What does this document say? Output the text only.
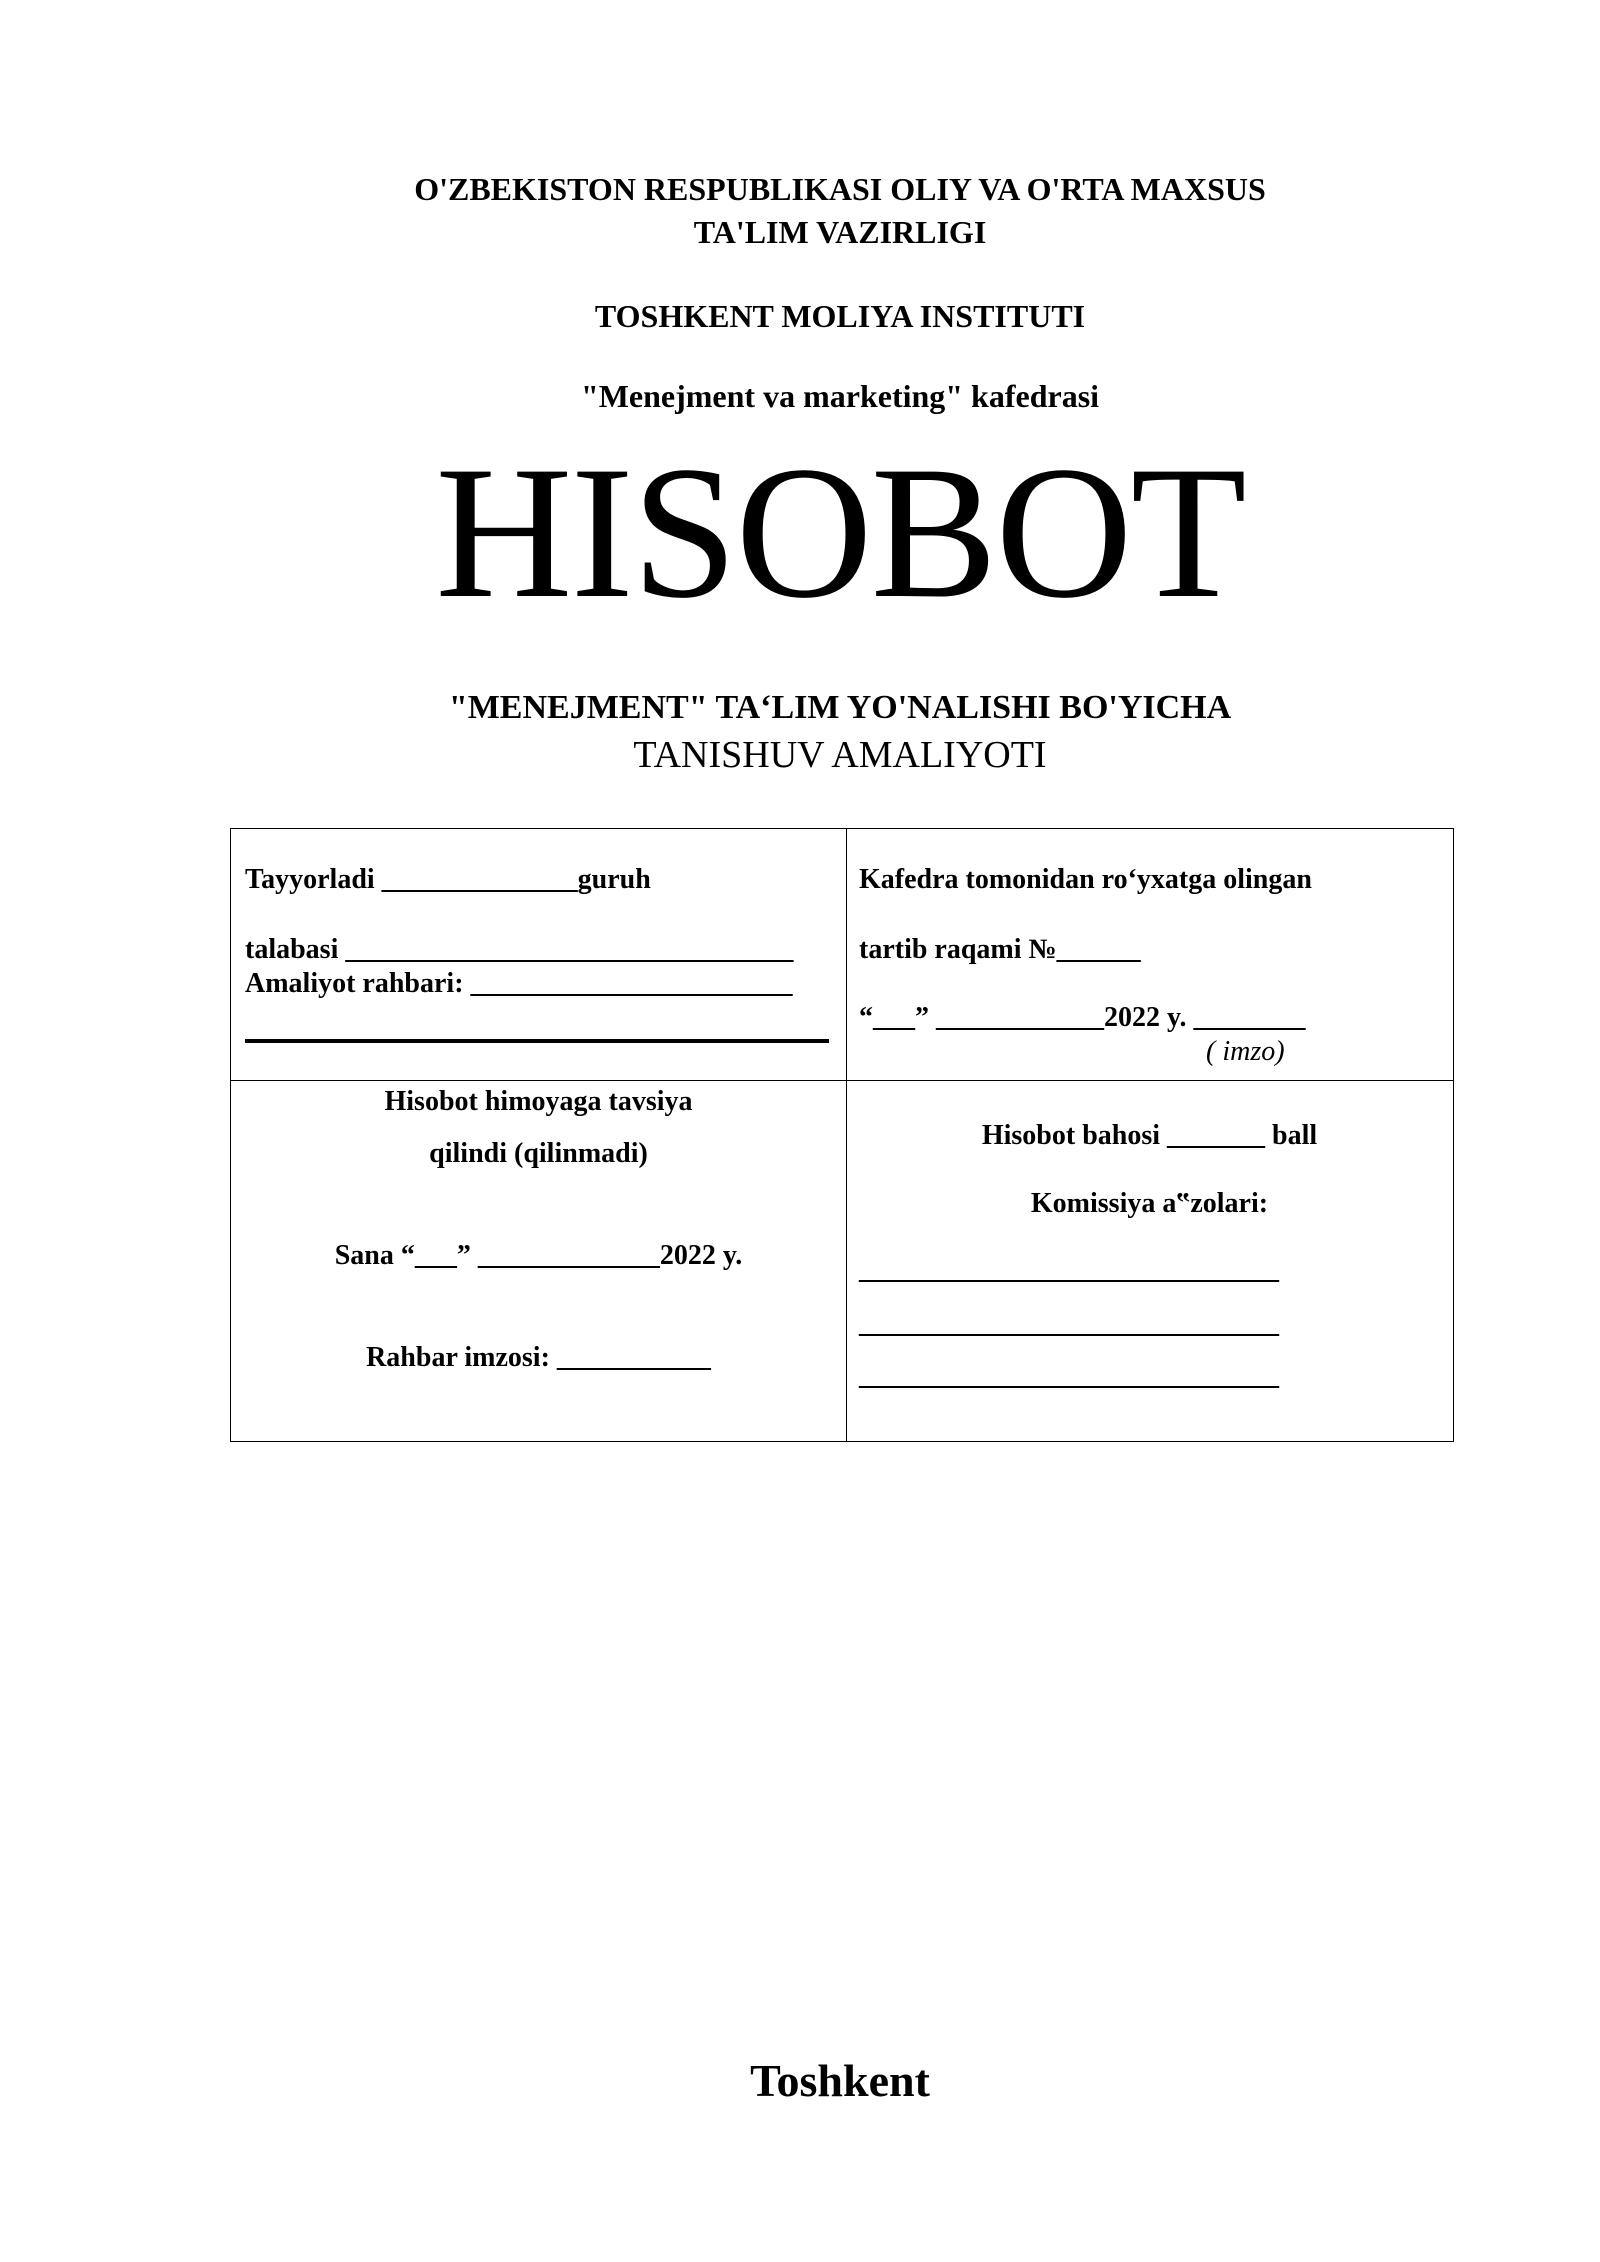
O'ZBEKISTON RESPUBLIKASI OLIY VA O'RTA MAXSUS
TA'LIM VAZIRLIGI
TOSHKENT MOLIYA INSTITUTI
"Menejment va marketing" kafedrasi
HISOBOT
"MENEJMENT" TA‘LIM YO'NALISHI BO'YICHA
TANISHUV AMALIYOTI
Tayyorladi ______________guruh
talabasi ________________________________
Amaliyot rahbari: _______________________
Kafedra tomonidan ro‘yxatga olingan
tartib raqami №______
“___” ____________2022 y. ________
( imzo)
Hisobot himoyaga tavsiya
qilindi (qilinmadi)
Sana “___” _____________2022 y.
Rahbar imzosi: ___________
Hisobot bahosi _______ ball
Komissiya a‟zolari:
______________________________
______________________________
______________________________
Toshkent
